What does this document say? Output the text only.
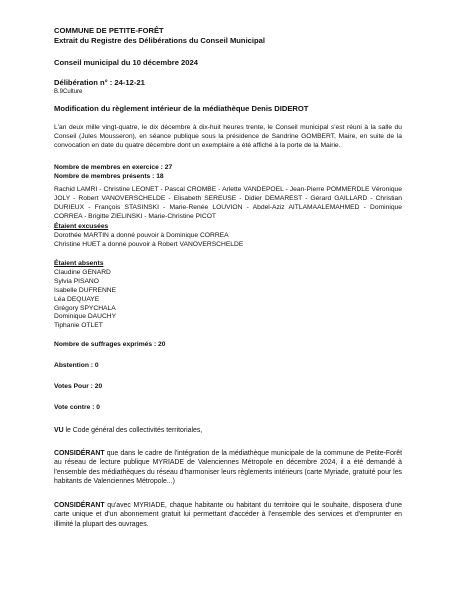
COMMUNE DE PETITE-FORÊT
Extrait du Registre des Délibérations du Conseil Municipal
Conseil municipal du 10 décembre 2024
Délibération n° : 24-12-21
B.9Culture
Modification du règlement intérieur de la médiathèque Denis DIDEROT
L'an deux mille vingt-quatre, le dix décembre à dix-huit heures trente, le Conseil municipal s'est réuni à la salle du Conseil (Jules Mousseron), en séance publique sous la présidence de Sandrine GOMBERT, Maire, en suite de la convocation en date du quatre décembre dont un exemplaire a été affiché à la porte de la Mairie.
Nombre de membres en exercice : 27
Nombre de membres présents : 18
Rachid LAMRI - Christine LEONET - Pascal CROMBE - Arlette VANDEPOEL - Jean-Pierre POMMERDLE Véronique JOLY - Robert VANOVERSCHELDE - Elisabeth SEREUSE - Didier DEMAREST - Gérard GAILLARD - Christian DURIEUX - François STASINSKI - Marie-Renée LOUVION - Abdel-Aziz AITLAMAALEMAHMED - Dominique CORREA - Brigitte ZIELINSKI - Marie-Christine PICOT
Étaient excusées
Dorothée MARTIN a donné pouvoir à Dominique CORREA
Christine HUET a donné pouvoir à Robert VANOVERSCHELDE
Étaient absents
Claudine GENARD
Sylvia PISANO
Isabelle DUFRENNE
Léa DEQUAYE
Grégory SPYCHALA
Dominique DAUCHY
Tiphanie OTLET
Nombre de suffrages exprimés : 20
Abstention : 0
Votes Pour : 20
Vote contre : 0
VU le Code général des collectivités territoriales,
CONSIDÉRANT que dans le cadre de l'intégration de la médiathèque municipale de la commune de Petite-Forêt au réseau de lecture publique MYRIADE de Valenciennes Métropole en décembre 2024, il a été demandé à l'ensemble des médiathèques du réseau d'harmoniser leurs règlements intérieurs (carte Myriade, gratuité pour les habitants de Valenciennes Métropole...)
CONSIDÉRANT qu'avec MYRIADE, chaque habitante ou habitant du territoire qui le souhaite, disposera d'une carte unique et d'un abonnement gratuit lui permettant d'accéder à l'ensemble des services et d'emprunter en illimité la plupart des ouvrages.
